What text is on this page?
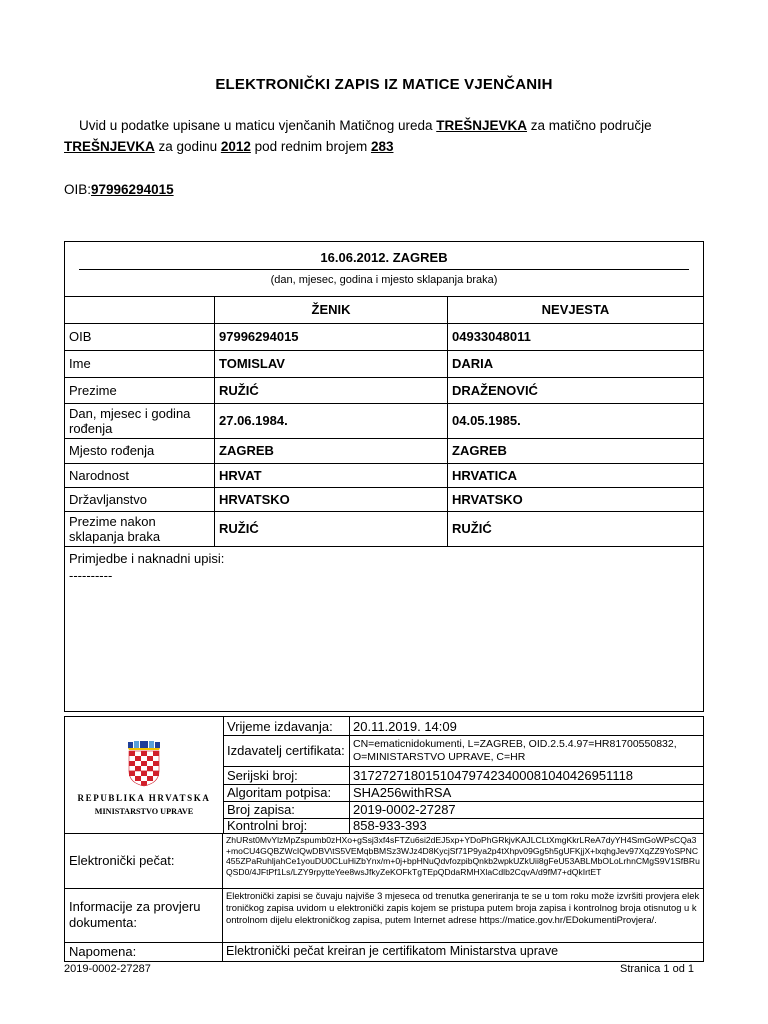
ELEKTRONIČKI ZAPIS IZ MATICE VJENČANIH
Uvid u podatke upisane u maticu vjenčanih Matičnog ureda TREŠNJEVKA za matično područje
TREŠNJEVKA za godinu 2012 pod rednim brojem 283
OIB:97996294015
16.06.2012. ZAGREB
(dan, mjesec, godina i mjesto sklapanja braka)
ŽENIK	NEVJESTA
OIB	97996294015	04933048011
Ime	TOMISLAV	DARIA
Prezime	RUŽIĆ	DRAŽENOVIĆ
Dan, mjesec i godina rođenja	27.06.1984.	04.05.1985.
Mjesto rođenja	ZAGREB	ZAGREB
Narodnost	HRVAT	HRVATICA
Državljanstvo	HRVATSKO	HRVATSKO
Prezime nakon sklapanja braka	RUŽIĆ	RUŽIĆ
Primjedbe i naknadni upisi:
----------
REPUBLIKA HRVATSKA
MINISTARSTVO UPRAVE
Vrijeme izdavanja:	20.11.2019. 14:09
Izdavatelj certifikata: CN=ematicnidokumenti, L=ZAGREB, OID.2.5.4.97=HR81700550832, O=MINISTARSTVO UPRAVE, C=HR
Serijski broj:	317272718015104797423400081040426951118
Algoritam potpisa:	SHA256withRSA
Broj zapisa:	2019-0002-27287
Kontrolni broj:	858-933-393
Elektronički pečat:
ZhURst0MvYlzMpZspumb0zHXo+gSsj3xf4sFTZu6si2dEJ5xp+YDoPhGRkjvKAJLCLtXmgKkrLReA7dyYH4SmGoWPsCQa3+moCU4GQBZWcIQwDBV\tS5VEMqbBMSz3WJz4D8KycjSf71P9ya2p4tXhpv09Gg5h5gUFKjjX+lxqhgJev97XqZZ9YoSPNC455ZPaRuhljahCe1youDU0CLuHiZbYnx/m+0j+bpHNuQdvfozpibQnkb2wpkUZkUii8gFeU53ABLMbOLoLrhnCMgS9V1SfBRuQSD0/4JFtPf1Ls/LZY9rpytteYee8wsJfkyZeKOFkTgTEpQDdaRMHXlaCdlb2CqvA/d9fM7+dQkIrtET
Informacije za provjeru dokumenta:
Elektronički zapisi se čuvaju najviše 3 mjeseca od trenutka generiranja te se u tom roku može izvršiti provjera elektroničkog zapisa uvidom u elektronički zapis kojem se pristupa putem broja zapisa i kontrolnog broja otisnutog u kontrolnom dijelu elektroničkog zapisa, putem Internet adrese https://matice.gov.hr/EDokumentiProvjera/.
Napomena:	Elektronički pečat kreiran je certifikatom Ministarstva uprave
2019-0002-27287	Stranica 1 od 1
